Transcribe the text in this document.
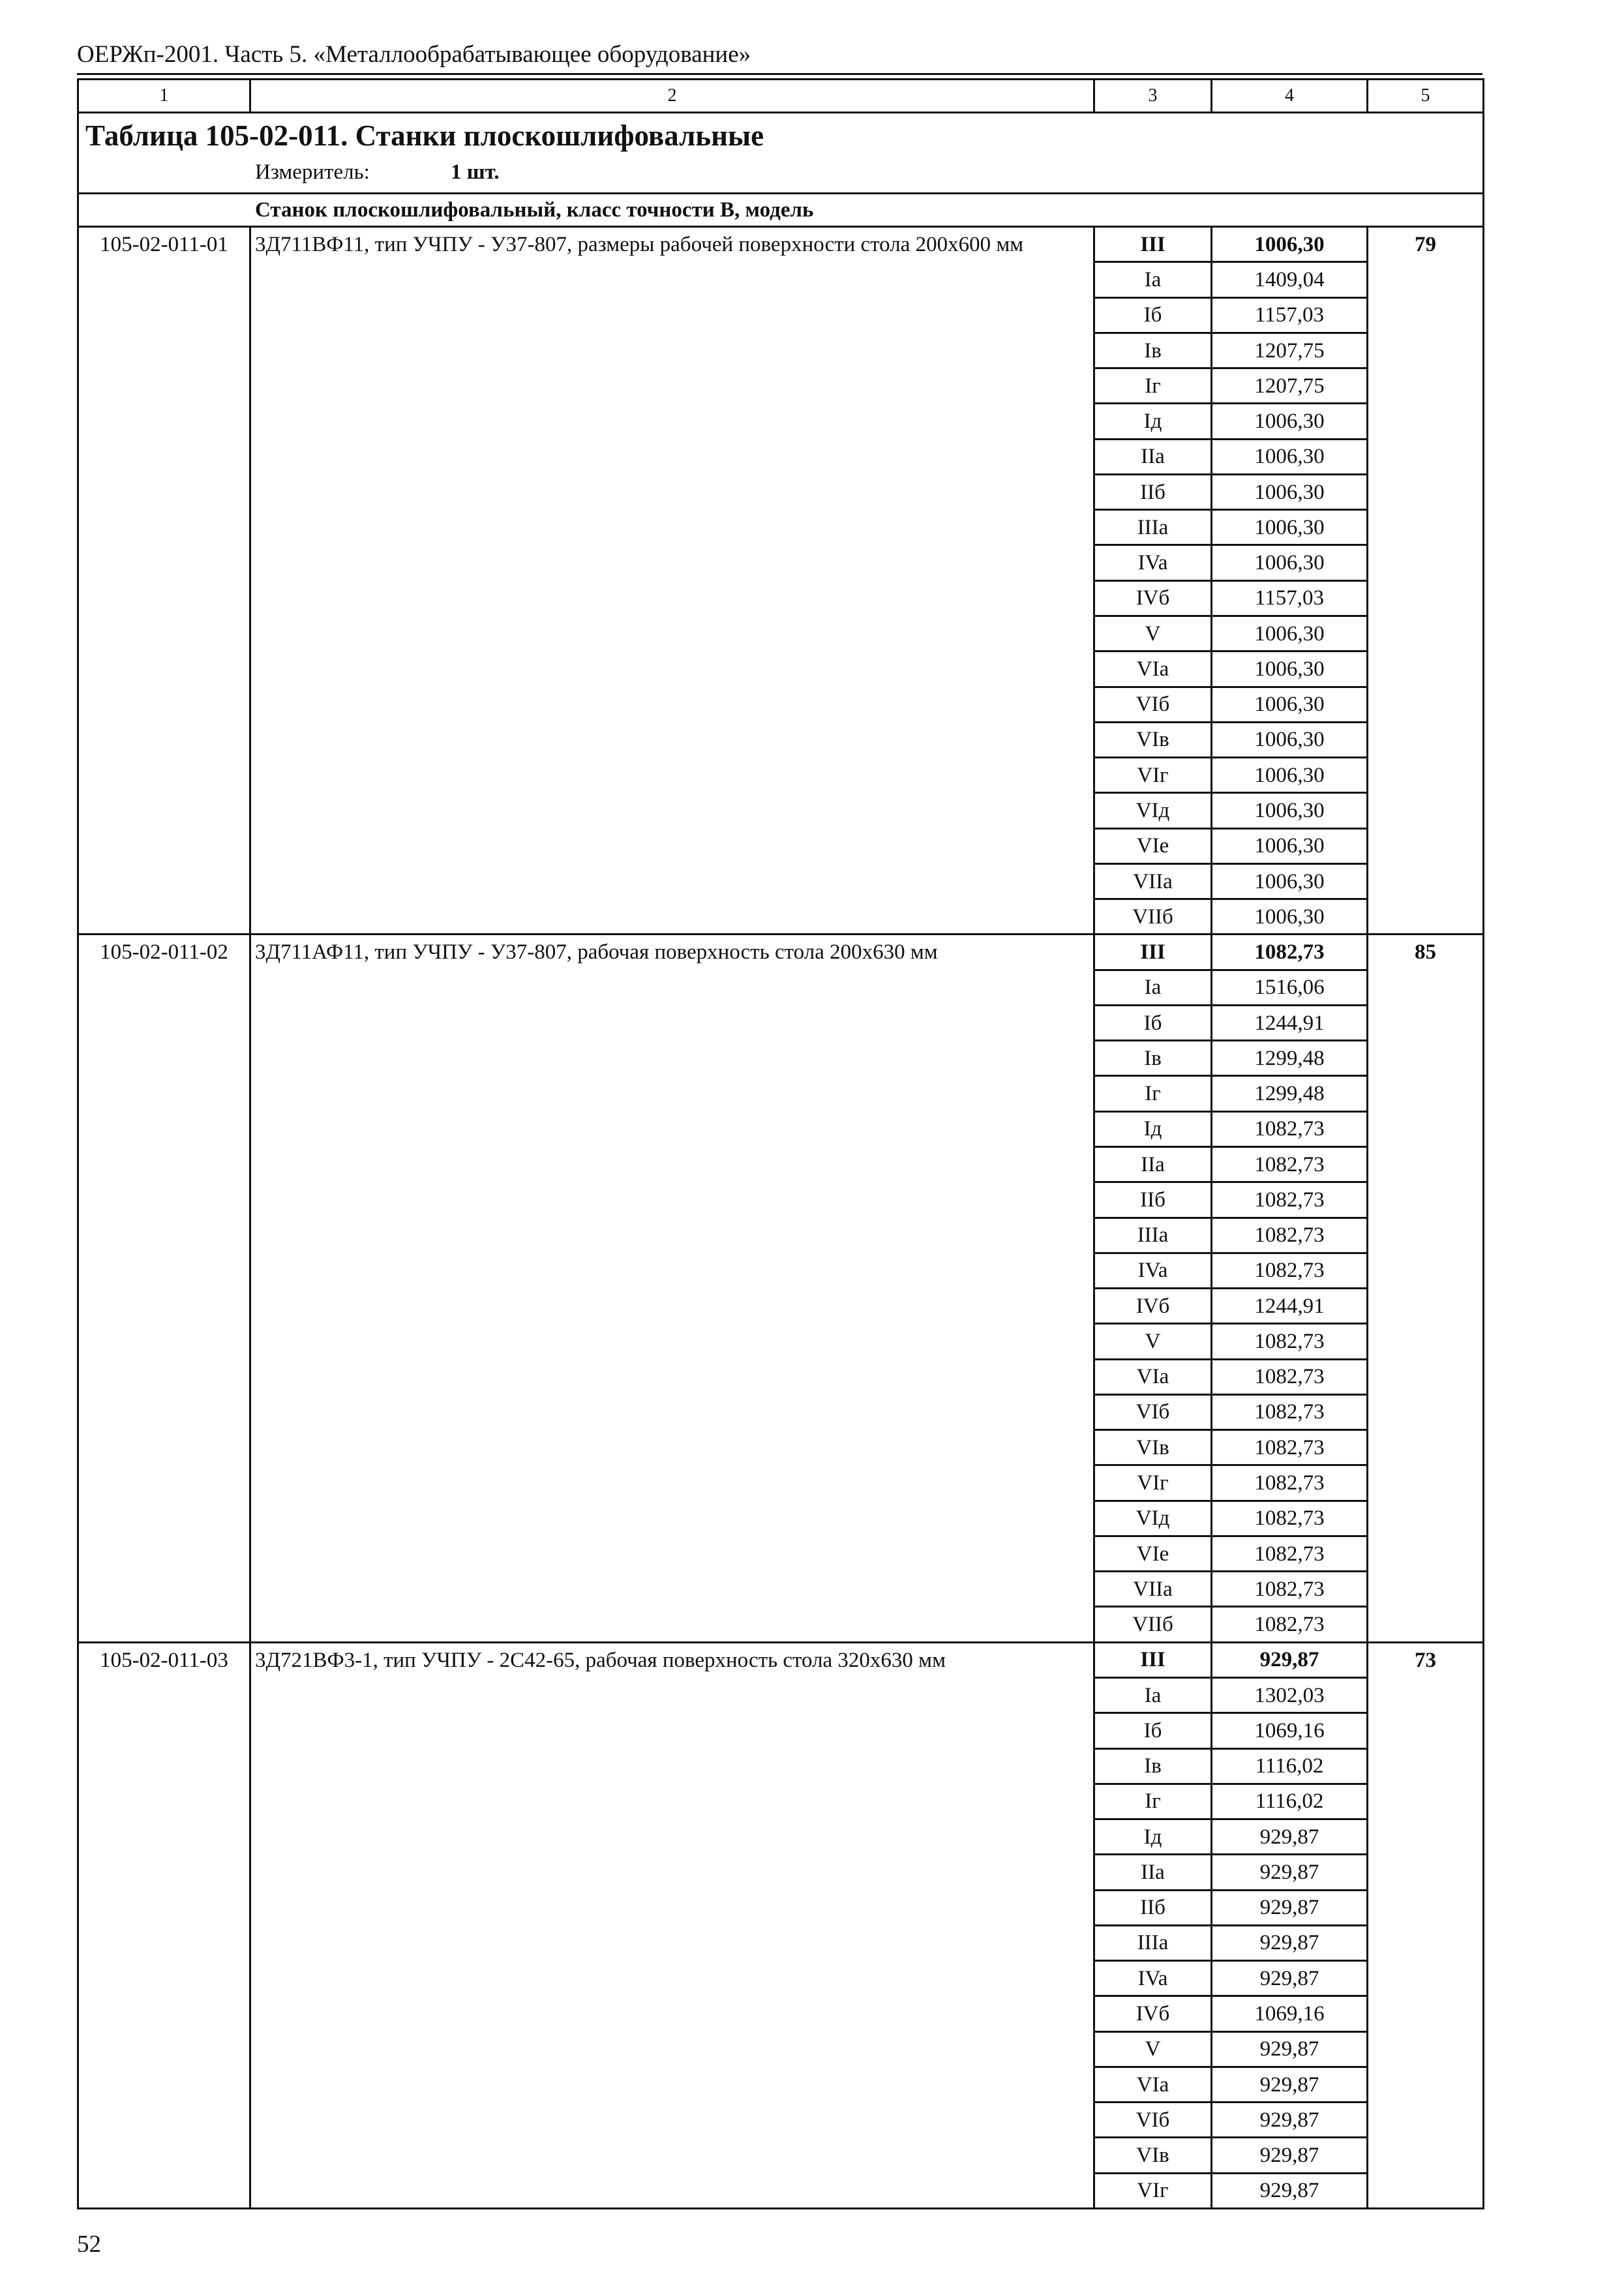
ОЕРЖп-2001. Часть 5. «Металлообрабатывающее оборудование»
1	2	3	4	5

Таблица 105-02-011. Станки плоскошлифовальные
Измеритель: 1 шт.				

Станок плоскошлифовальный, класс точности В, модель				

105-02-011-01	3Д711ВФ11, тип УЧПУ - У37-807, размеры рабочей поверхности стола 200х600 мм	III	1006,30	79
		Ia	1409,04	
		Iб	1157,03	
		Iв	1207,75	
		Iг	1207,75	
		Iд	1006,30	
		IIa	1006,30	
		IIб	1006,30	
		IIIa	1006,30	
		IVa	1006,30	
		IVб	1157,03	
		V	1006,30	
		VIa	1006,30	
		VIб	1006,30	
		VIв	1006,30	
		VIг	1006,30	
		VIд	1006,30	
		VIe	1006,30	
		VIIa	1006,30	
		VIIб	1006,30	
105-02-011-02	3Д711АФ11, тип УЧПУ - У37-807, рабочая поверхность стола 200х630 мм	III	1082,73	85
		Ia	1516,06	
		Iб	1244,91	
		Iв	1299,48	
		Iг	1299,48	
		Iд	1082,73	
		IIa	1082,73	
		IIб	1082,73	
		IIIa	1082,73	
		IVa	1082,73	
		IVб	1244,91	
		V	1082,73	
		VIa	1082,73	
		VIб	1082,73	
		VIв	1082,73	
		VIг	1082,73	
		VIд	1082,73	
		VIe	1082,73	
		VIIa	1082,73	
		VIIб	1082,73	
105-02-011-03	3Д721ВФ3-1, тип УЧПУ - 2С42-65, рабочая поверхность стола 320х630 мм	III	929,87	73
		Ia	1302,03	
		Iб	1069,16	
		Iв	1116,02	
		Iг	1116,02	
		Iд	929,87	
		IIa	929,87	
		IIб	929,87	
		IIIa	929,87	
		IVa	929,87	
		IVб	1069,16	
		V	929,87	
		VIa	929,87	
		VIб	929,87	
		VIв	929,87	
		VIг	929,87	
52
